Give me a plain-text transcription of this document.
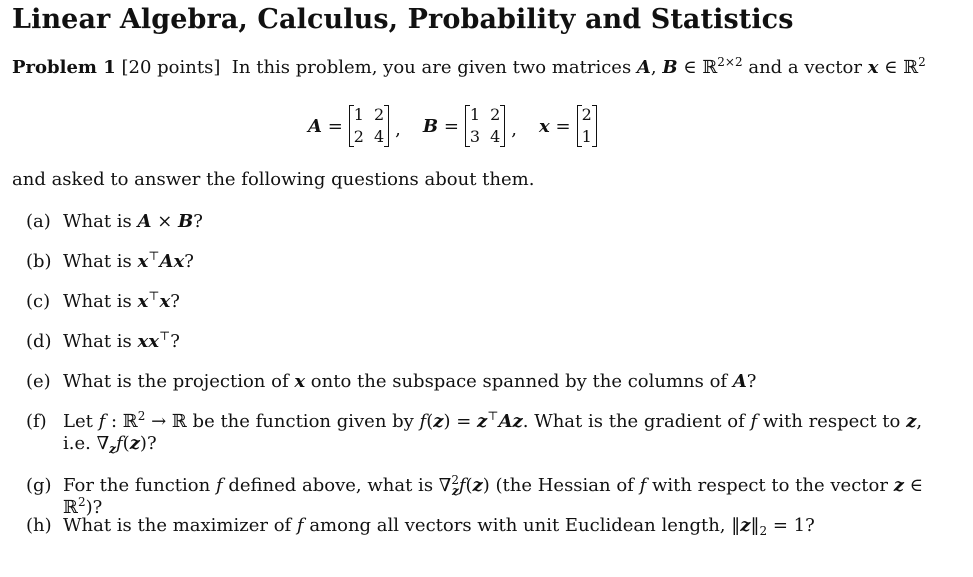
Linear Algebra, Calculus, Probability and Statistics
Problem 1 [20 points] In this problem, you are given two matrices A, B ∈ ℝ$^{2\times 2}$ and a vector x ∈ ℝ$^2$
A =
1 2
2 4 , B =
1 2
3 4 , x =
2
1
and asked to answer the following questions about them.
(a) What is A × B?
(b) What is x⊤Ax?
(c) What is x⊤x?
(d) What is xx⊤?
(e) What is the projection of x onto the subspace spanned by the columns of A?
(f) Let f : ℝ$^2$ → ℝ be the function given by f(z) = z⊤Az. What is the gradient of f with respect to z, i.e. $\nabla_zf(z)$?
(g) For the function f defined above, what is ∇$^2_z$f(z) (the Hessian of f with respect to the vector z ∈ ℝ$^2$)?
(h) What is the maximizer of f among all vectors with unit Euclidean length, $‖z‖_2 = 1$?
